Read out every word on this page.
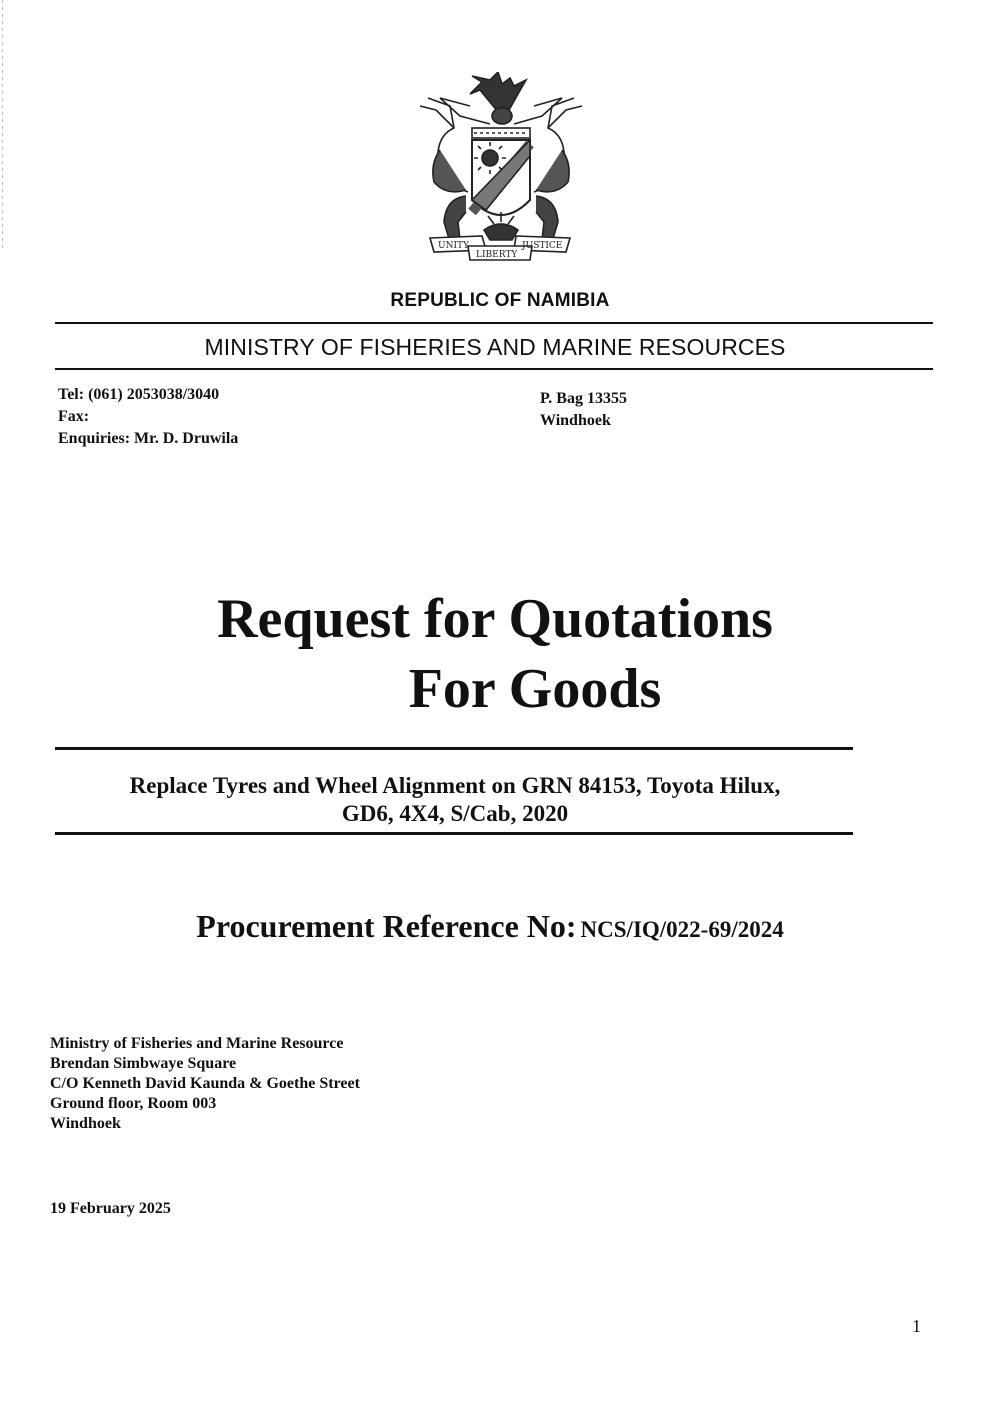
UNITY	JUSTICE
LIBERTY
REPUBLIC OF NAMIBIA
MINISTRY OF FISHERIES AND MARINE RESOURCES
Tel: (061) 2053038/3040
Fax:
Enquiries: Mr. D. Druwila
P. Bag 13355
Windhoek
Request for Quotations
For Goods
Replace Tyres and Wheel Alignment on GRN 84153, Toyota Hilux,
GD6, 4X4, S/Cab, 2020
Procurement Reference No: NCS/IQ/022-69/2024
Ministry of Fisheries and Marine Resource
Brendan Simbwaye Square
C/O Kenneth David Kaunda & Goethe Street
Ground floor, Room 003
Windhoek
19 February 2025
1
